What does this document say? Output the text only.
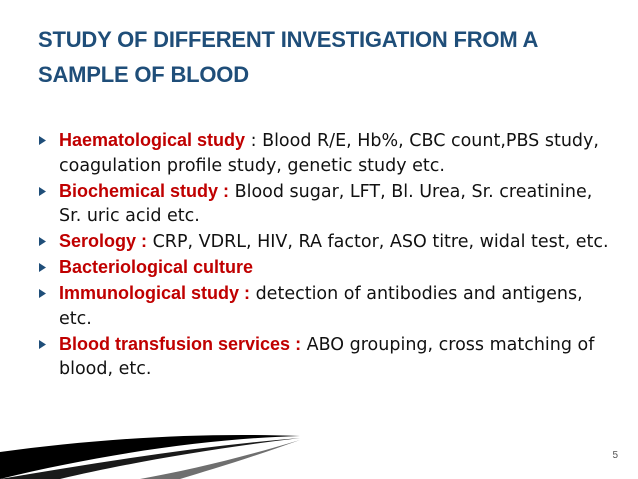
STUDY OF DIFFERENT INVESTIGATION FROM A SAMPLE OF BLOOD
Haematological study : Blood R/E, Hb%, CBC count,PBS study, coagulation profile study, genetic study etc.
Biochemical study : Blood sugar, LFT, Bl. Urea, Sr. creatinine, Sr. uric acid etc.
Serology : CRP, VDRL, HIV, RA factor, ASO titre, widal test, etc.
Bacteriological culture
Immunological study : detection of antibodies and antigens, etc.
Blood transfusion services : ABO grouping, cross matching of blood, etc.
5
